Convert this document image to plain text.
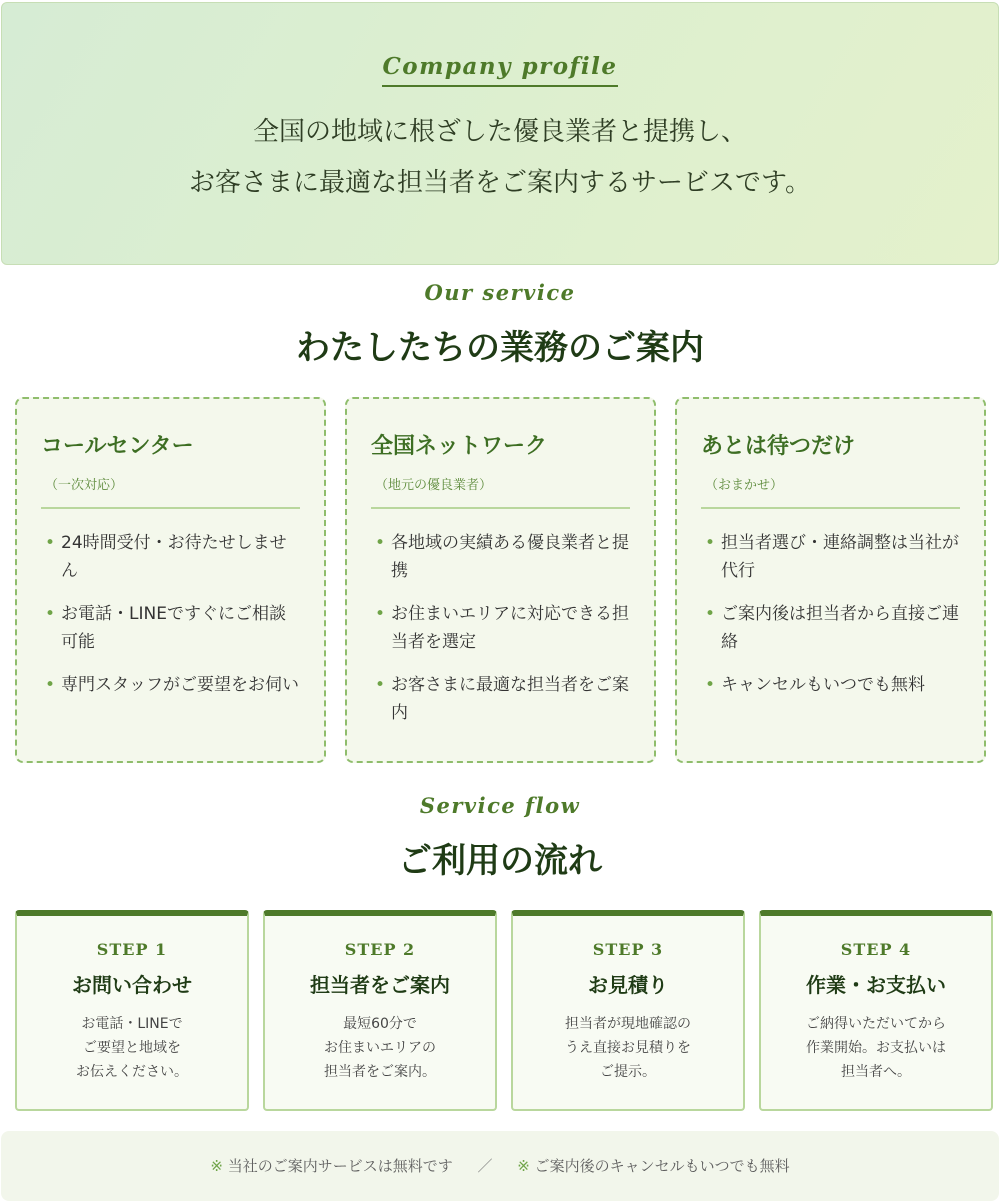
Company profile
全国の地域に根ざした優良業者と提携し、
お客さまに最適な担当者をご案内するサービスです。
Our service
わたしたちの業務のご案内
コールセンター
（一次対応）
• 24時間受付・お待たせしません
• お電話・LINEですぐにご相談可能
• 専門スタッフがご要望をお伺い
全国ネットワーク
（地元の優良業者）
• 各地域の実績ある優良業者と提携
• お住まいエリアに対応できる担当者を選定
• お客さまに最適な担当者をご案内
あとは待つだけ
（おまかせ）
• 担当者選び・連絡調整は当社が代行
• ご案内後は担当者から直接ご連絡
• キャンセルもいつでも無料
Service flow
ご利用の流れ
STEP 1
お問い合わせ
お電話・LINEで
ご要望と地域を
お伝えください。
STEP 2
担当者をご案内
最短60分で
お住まいエリアの
担当者をご案内。
STEP 3
お見積り
担当者が現地確認の
うえ直接お見積りを
ご提示。
STEP 4
作業・お支払い
ご納得いただいてから
作業開始。お支払いは
担当者へ。
※ 当社のご案内サービスは無料です ／ ※ ご案内後のキャンセルもいつでも無料
